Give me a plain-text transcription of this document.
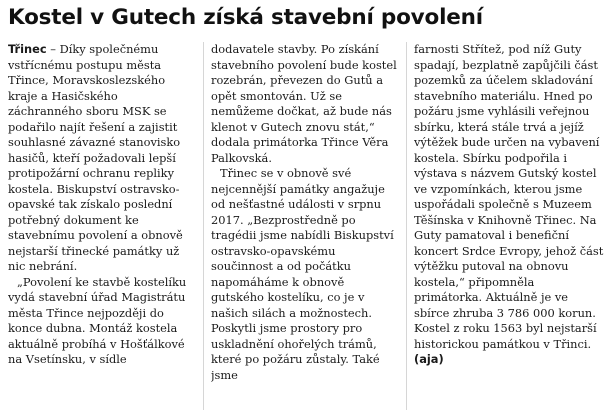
Kostel v Gutech získá stavební povolení

Třinec – Díky společnému vstřícnému postupu města Třince, Moravskoslezského kraje a Hasičského záchranného sboru MSK se podařilo najít řešení a zajistit souhlasné závazné stanovisko hasičů, kteří požadovali lepší protipožární ochranu repliky kostela. Biskupství ostravsko-opavské tak získalo poslední potřebný dokument ke stavebnímu povolení a obnově nejstarší třinecké památky už nic nebrání.

„Povolení ke stavbě kostelíku vydá stavební úřad Magistrátu města Třince nejpozději do konce dubna. Montáž kostela aktuálně probíhá v Hošťálkové na Vsetínsku, v sídle

dodavatele stavby. Po získání stavebního povolení bude kostel rozebrán, převezen do Gutů a opět smontován. Už se nemůžeme dočkat, až bude nás klenot v Gutech znovu stát,“ dodala primátorka Třince Věra Palkovská.

Třinec se v obnově své nejcennější památky angažuje od nešťastné události v srpnu 2017. „Bezprostředně po tragédii jsme nabídli Biskupství ostravsko-opavskému součinnost a od počátku napomáháme k obnově gutského kostelíku, co je v našich silách a možnostech. Poskytli jsme prostory pro uskladnění ohořelých trámů, které po požáru zůstaly. Také jsme

farnosti Střítež, pod níž Guty spadají, bezplatně zapůjčili část pozemků za účelem skladování stavebního materiálu. Hned po požáru jsme vyhlásili veřejnou sbírku, která stále trvá a jejíž výtěžek bude určen na vybavení kostela. Sbírku podpořila i výstava s názvem Gutský kostel ve vzpomínkách, kterou jsme uspořádali společně s Muzeem Těšínska v Knihovně Třinec. Na Guty pamatoval i benefiční koncert Srdce Evropy, jehož část výtěžku putoval na obnovu kostela,“ připomněla primátorka. Aktuálně je ve sbírce zhruba 3 786 000 korun. Kostel z roku 1563 byl nejstarší historickou památkou v Třinci. (aja)
